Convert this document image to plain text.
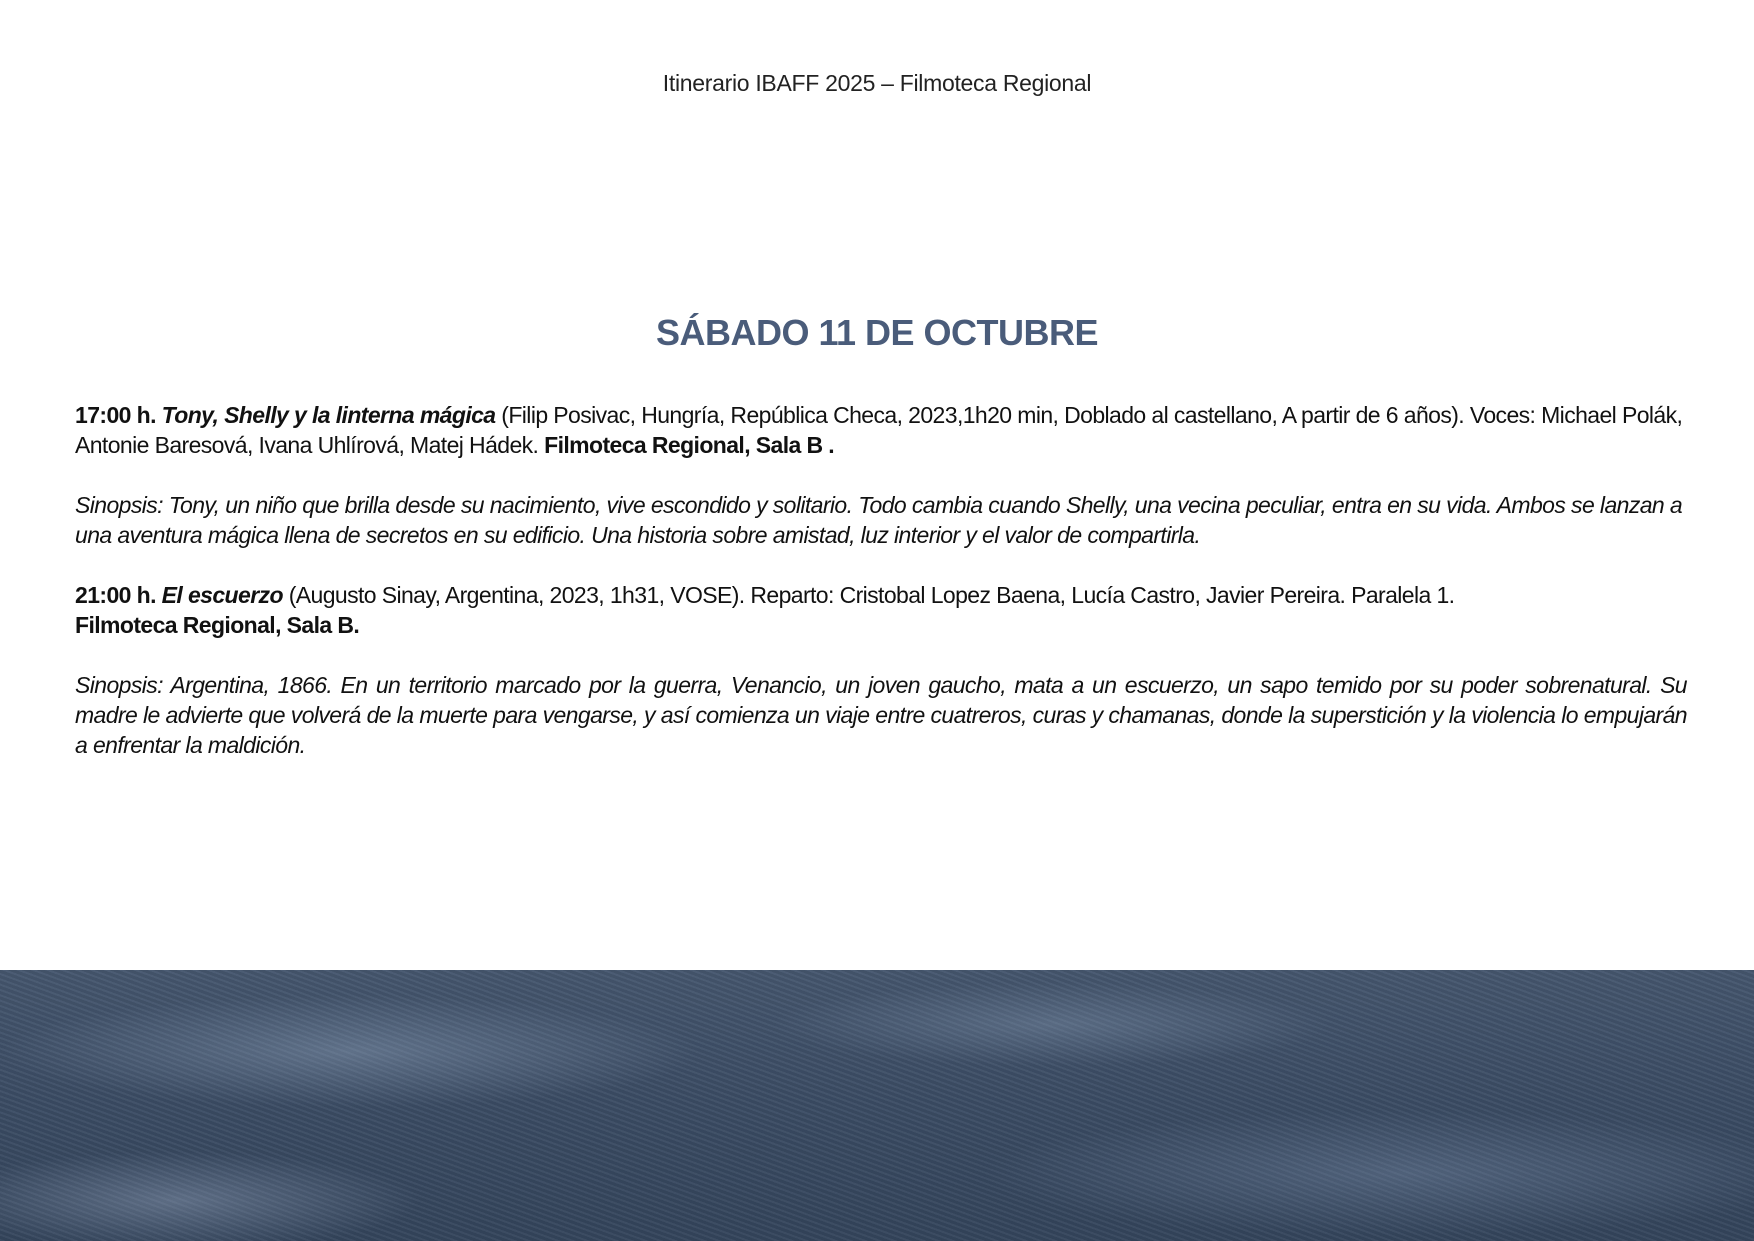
Itinerario IBAFF 2025 – Filmoteca Regional
SÁBADO 11 DE OCTUBRE

17:00 h. Tony, Shelly y la linterna mágica (Filip Posivac, Hungría, República Checa, 2023,1h20 min, Doblado al castellano, A partir de 6 años). Voces: Michael Polák, Antonie Baresová, Ivana Uhlírová, Matej Hádek. Filmoteca Regional, Sala B .

Sinopsis: Tony, un niño que brilla desde su nacimiento, vive escondido y solitario. Todo cambia cuando Shelly, una vecina peculiar, entra en su vida. Ambos se lanzan a una aventura mágica llena de secretos en su edificio. Una historia sobre amistad, luz interior y el valor de compartirla.

21:00 h. El escuerzo (Augusto Sinay, Argentina, 2023, 1h31, VOSE). Reparto: Cristobal Lopez Baena, Lucía Castro, Javier Pereira. Paralela 1.
Filmoteca Regional, Sala B.

Sinopsis: Argentina, 1866. En un territorio marcado por la guerra, Venancio, un joven gaucho, mata a un escuerzo, un sapo temido por su poder sobrenatural. Su madre le advierte que volverá de la muerte para vengarse, y así comienza un viaje entre cuatreros, curas y chamanas, donde la superstición y la violencia lo empujarán a enfrentar la maldición.
